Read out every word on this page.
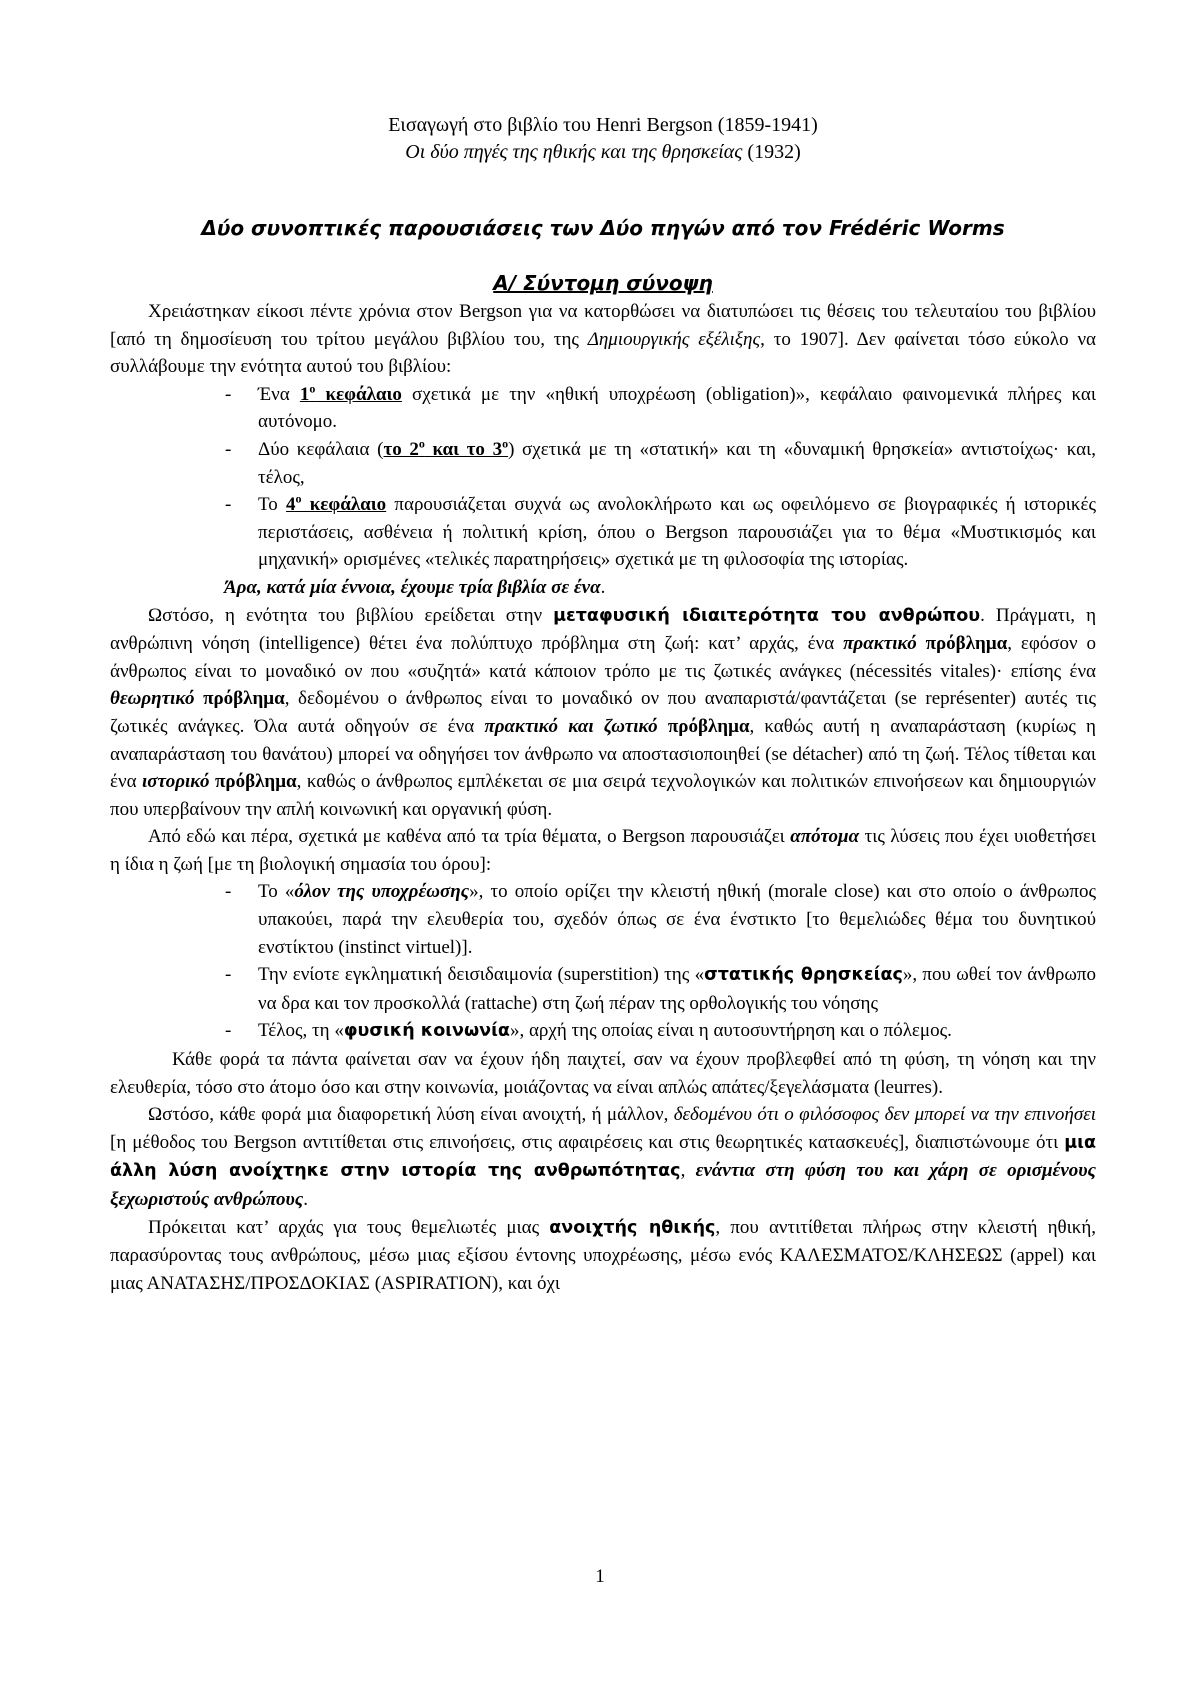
Εισαγωγή στο βιβλίο του Henri Bergson (1859-1941)
Οι δύο πηγές της ηθικής και της θρησκείας (1932)
Δύο συνοπτικές παρουσιάσεις των Δύο πηγών από τον Frédéric Worms
Α/ Σύντομη σύνοψη

Χρειάστηκαν είκοσι πέντε χρόνια στον Bergson για να κατορθώσει να διατυπώσει τις θέσεις του τελευταίου του βιβλίου [από τη δημοσίευση του τρίτου μεγάλου βιβλίου του, της Δημιουργικής εξέλιξης, το 1907]. Δεν φαίνεται τόσο εύκολο να συλλάβουμε την ενότητα αυτού του βιβλίου:

- Ένα $1^o$ κεφάλαιο σχετικά με την «ηθική υποχρέωση (obligation)», κεφάλαιο φαινομενικά πλήρες και αυτόνομο.
- Δύο κεφάλαια (το $2^o$ και το $3^o$) σχετικά με τη «στατική» και τη «δυναμική θρησκεία» αντιστοίχως· και, τέλος,
- Το $4^o$ κεφάλαιο παρουσιάζεται συχνά ως ανολοκλήρωτο και ως οφειλόμενο σε βιογραφικές ή ιστορικές περιστάσεις, ασθένεια ή πολιτική κρίση, όπου ο Bergson παρουσιάζει για το θέμα «Μυστικισμός και μηχανική» ορισμένες «τελικές παρατηρήσεις» σχετικά με τη φιλοσοφία της ιστορίας.

Άρα, κατά μία έννοια, έχουμε τρία βιβλία σε ένα.

Ωστόσο, η ενότητα του βιβλίου ερείδεται στην μεταφυσική ιδιαιτερότητα του ανθρώπου. Πράγματι, η ανθρώπινη νόηση (intelligence) θέτει ένα πολύπτυχο πρόβλημα στη ζωή: κατ’ αρχάς, ένα πρακτικό πρόβλημα, εφόσον ο άνθρωπος είναι το μοναδικό ον που «συζητά» κατά κάποιον τρόπο με τις ζωτικές ανάγκες (nécessités vitales)· επίσης ένα θεωρητικό πρόβλημα, δεδομένου ο άνθρωπος είναι το μοναδικό ον που αναπαριστά/φαντάζεται (se représenter) αυτές τις ζωτικές ανάγκες. Όλα αυτά οδηγούν σε ένα πρακτικό και ζωτικό πρόβλημα, καθώς αυτή η αναπαράσταση (κυρίως η αναπαράσταση του θανάτου) μπορεί να οδηγήσει τον άνθρωπο να αποστασιοποιηθεί (se détacher) από τη ζωή. Τέλος τίθεται και ένα ιστορικό πρόβλημα, καθώς ο άνθρωπος εμπλέκεται σε μια σειρά τεχνολογικών και πολιτικών επινοήσεων και δημιουργιών που υπερβαίνουν την απλή κοινωνική και οργανική φύση.

Από εδώ και πέρα, σχετικά με καθένα από τα τρία θέματα, ο Bergson παρουσιάζει απότομα τις λύσεις που έχει υιοθετήσει η ίδια η ζωή [με τη βιολογική σημασία του όρου]:

- Το «όλον της υποχρέωσης», το οποίο ορίζει την κλειστή ηθική (morale close) και στο οποίο ο άνθρωπος υπακούει, παρά την ελευθερία του, σχεδόν όπως σε ένα ένστικτο [το θεμελιώδες θέμα του δυνητικού ενστίκτου (instinct virtuel)].
- Την ενίοτε εγκληματική δεισιδαιμονία (superstition) της «στατικής θρησκείας», που ωθεί τον άνθρωπο να δρα και τον προσκολλά (rattache) στη ζωή πέραν της ορθολογικής του νόησης
- Τέλος, τη «φυσική κοινωνία», αρχή της οποίας είναι η αυτοσυντήρηση και ο πόλεμος.

Κάθε φορά τα πάντα φαίνεται σαν να έχουν ήδη παιχτεί, σαν να έχουν προβλεφθεί από τη φύση, τη νόηση και την ελευθερία, τόσο στο άτομο όσο και στην κοινωνία, μοιάζοντας να είναι απλώς απάτες/ξεγελάσματα (leurres).

Ωστόσο, κάθε φορά μια διαφορετική λύση είναι ανοιχτή, ή μάλλον, δεδομένου ότι ο φιλόσοφος δεν μπορεί να την επινοήσει [η μέθοδος του Bergson αντιτίθεται στις επινοήσεις, στις αφαιρέσεις και στις θεωρητικές κατασκευές], διαπιστώνουμε ότι μια άλλη λύση ανοίχτηκε στην ιστορία της ανθρωπότητας, ενάντια στη φύση του και χάρη σε ορισμένους ξεχωριστούς ανθρώπους.

Πρόκειται κατ’ αρχάς για τους θεμελιωτές μιας ανοιχτής ηθικής, που αντιτίθεται πλήρως στην κλειστή ηθική, παρασύροντας τους ανθρώπους, μέσω μιας εξίσου έντονης υποχρέωσης, μέσω ενός ΚΑΛΕΣΜΑΤΟΣ/ΚΛΗΣΕΩΣ (appel) και μιας ΑΝΑΤΑΣΗΣ/ΠΡΟΣΔΟΚΙΑΣ (ASPIRATION), και όχι

1
